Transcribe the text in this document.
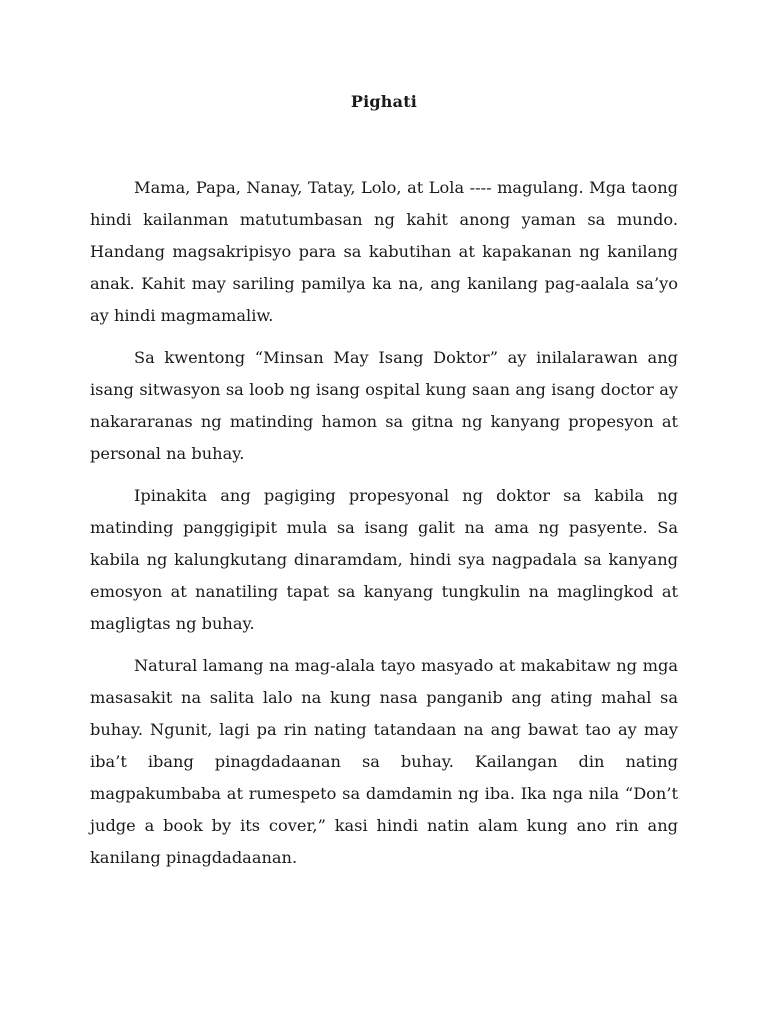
Pighati

Mama, Papa, Nanay, Tatay, Lolo, at Lola ---- magulang. Mga taong hindi kailanman matutumbasan ng kahit anong yaman sa mundo. Handang magsakripisyo para sa kabutihan at kapakanan ng kanilang anak. Kahit may sariling pamilya ka na, ang kanilang pag-aalala sa’yo ay hindi magmamaliw.

Sa kwentong “Minsan May Isang Doktor” ay inilalarawan ang isang sitwasyon sa loob ng isang ospital kung saan ang isang doctor ay nakararanas ng matinding hamon sa gitna ng kanyang propesyon at personal na buhay.

Ipinakita ang pagiging propesyonal ng doktor sa kabila ng matinding panggigipit mula sa isang galit na ama ng pasyente. Sa kabila ng kalungkutang dinaramdam, hindi sya nagpadala sa kanyang emosyon at nanatiling tapat sa kanyang tungkulin na maglingkod at magligtas ng buhay.

Natural lamang na mag-alala tayo masyado at makabitaw ng mga masasakit na salita lalo na kung nasa panganib ang ating mahal sa buhay. Ngunit, lagi pa rin nating tatandaan na ang bawat tao ay may iba’t ibang pinagdadaanan sa buhay. Kailangan din nating magpakumbaba at rumespeto sa damdamin ng iba. Ika nga nila “Don’t judge a book by its cover,” kasi hindi natin alam kung ano rin ang kanilang pinagdadaanan.
